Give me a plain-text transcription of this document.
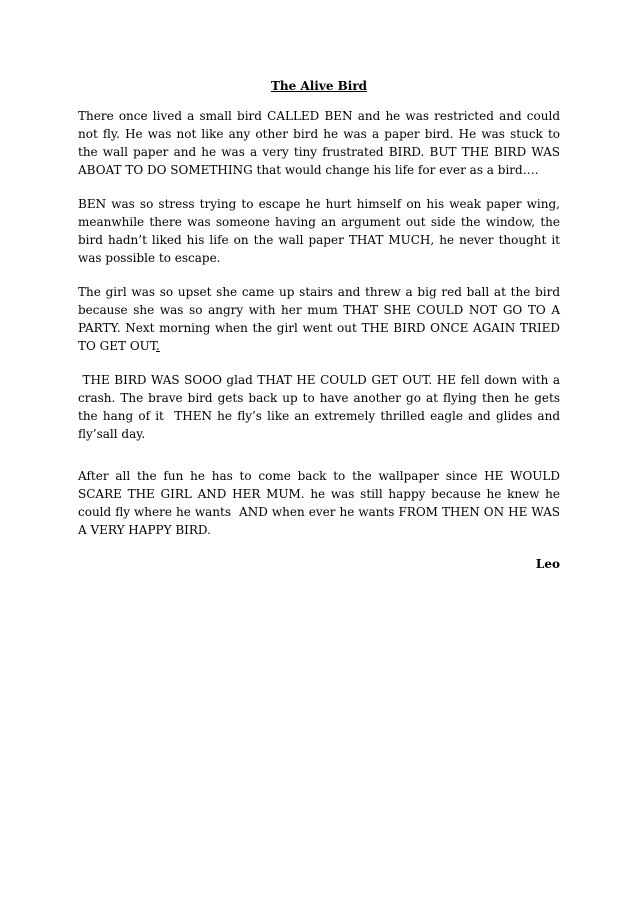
The Alive Bird

There once lived a small bird CALLED BEN and he was restricted and could not fly. He was not like any other bird he was a paper bird. He was stuck to the wall paper and he was a very tiny frustrated BIRD. BUT THE BIRD WAS ABOAT TO DO SOMETHING that would change his life for ever as a bird….

BEN was so stress trying to escape he hurt himself on his weak paper wing, meanwhile there was someone having an argument out side the window, the bird hadn’t liked his life on the wall paper THAT MUCH, he never thought it was possible to escape.

The girl was so upset she came up stairs and threw a big red ball at the bird because she was so angry with her mum THAT SHE COULD NOT GO TO A PARTY. Next morning when the girl went out THE BIRD ONCE AGAIN TRIED TO GET OUT.

THE BIRD WAS SOOO glad THAT HE COULD GET OUT. HE fell down with a crash. The brave bird gets back up to have another go at flying then he gets the hang of it  THEN he fly’s like an extremely thrilled eagle and glides and fly’sall day.

After all the fun he has to come back to the wallpaper since HE WOULD SCARE THE GIRL AND HER MUM. he was still happy because he knew he could fly where he wants  AND when ever he wants FROM THEN ON HE WAS A VERY HAPPY BIRD.

Leo
